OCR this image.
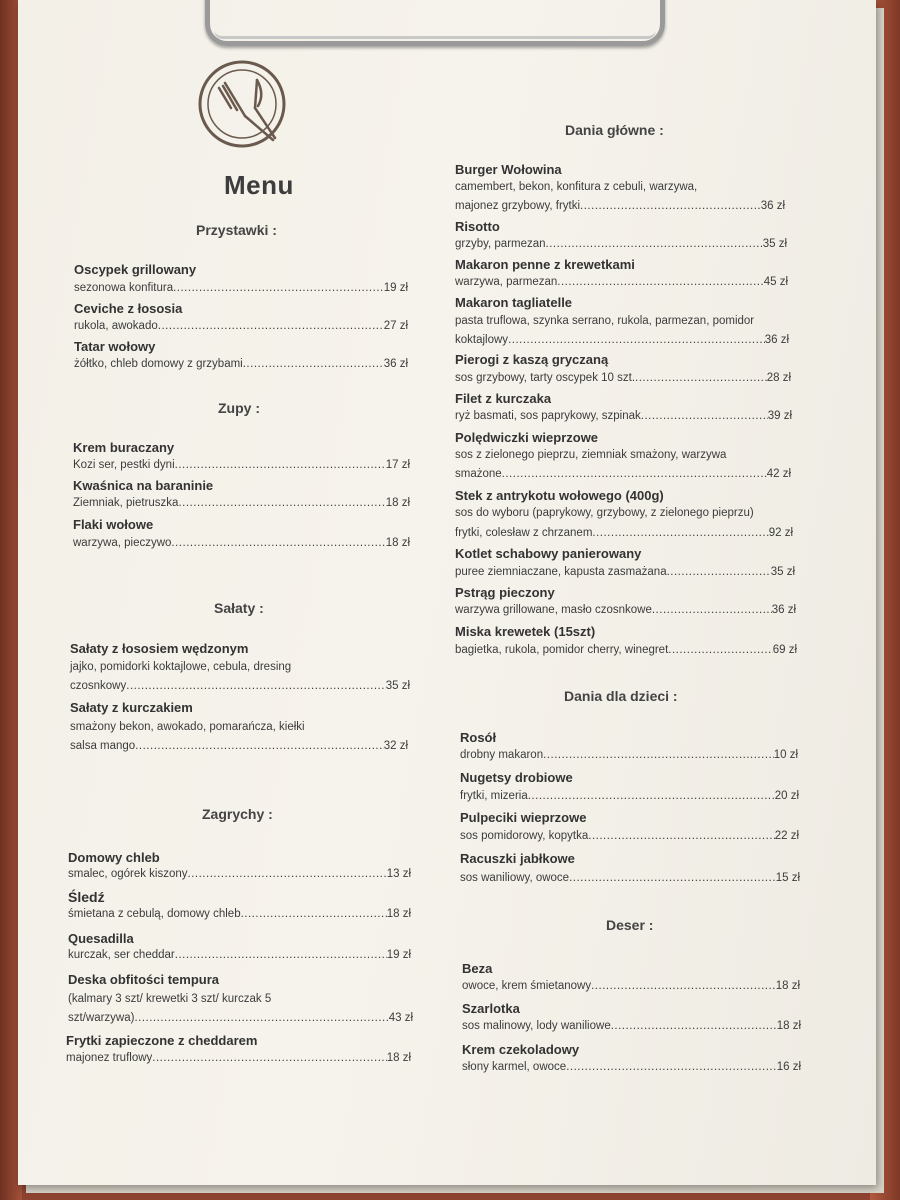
Menu
Przystawki :
Oscypek grillowany
sezonowa konfitura .....	19 zł
Ceviche z łososia
rukola, awokado .....	27 zł
Tatar wołowy
żółtko, chleb domowy z grzybami .....	36 zł
Zupy :
Krem buraczany
Kozi ser, pestki dyni .....	17 zł
Kwaśnica na baraninie
Ziemniak, pietruszka .....	18 zł
Flaki wołowe
warzywa, pieczywo .....	18 zł
Sałaty :
Sałaty z łososiem wędzonym
jajko, pomidorki koktajlowe, cebula, dresing
czosnkowy .....	35 zł
Sałaty z kurczakiem
smażony bekon, awokado, pomarańcza, kiełki
salsa mango .....	32 zł
Zagrychy :
Domowy chleb
smalec, ogórek kiszony .....	13 zł
Śledź
śmietana z cebulą, domowy chleb .....	18 zł
Quesadilla
kurczak, ser cheddar .....	19 zł
Deska obfitości tempura
(kalmary 3 szt/ krewetki 3 szt/ kurczak 5
szt/warzywa) .....	43 zł
Frytki zapieczone z cheddarem
majonez truflowy .....	18 zł
Dania główne :
Burger Wołowina
camembert, bekon, konfitura z cebuli, warzywa,
majonez grzybowy, frytki .....	36 zł
Risotto
grzyby, parmezan .....	35 zł
Makaron penne z krewetkami
warzywa, parmezan .....	45 zł
Makaron tagliatelle
pasta truflowa, szynka serrano, rukola, parmezan, pomidor
koktajlowy .....	36 zł
Pierogi z kaszą gryczaną
sos grzybowy, tarty oscypek 10 szt. .....	28 zł
Filet z kurczaka
ryż basmati, sos paprykowy, szpinak .....	39 zł
Polędwiczki wieprzowe
sos z zielonego pieprzu, ziemniak smażony, warzywa
smażone .....	42 zł
Stek z antrykotu wołowego (400g)
sos do wyboru (paprykowy, grzybowy, z zielonego pieprzu)
frytki, colesław z chrzanem .....	92 zł
Kotlet schabowy panierowany
puree ziemniaczane, kapusta zasmażana .....	35 zł
Pstrąg pieczony
warzywa grillowane, masło czosnkowe .....	36 zł
Miska krewetek (15szt)
bagietka, rukola, pomidor cherry, winegret .....	69 zł
Dania dla dzieci :
Rosół
drobny makaron .....	10 zł
Nugetsy drobiowe
frytki, mizeria .....	20 zł
Pulpeciki wieprzowe
sos pomidorowy, kopytka .....	22 zł
Racuszki jabłkowe
sos waniliowy, owoce .....	15 zł
Deser :
Beza
owoce, krem śmietanowy .....	18 zł
Szarlotka
sos malinowy, lody waniliowe .....	18 zł
Krem czekoladowy
słony karmel, owoce .....	16 zł
